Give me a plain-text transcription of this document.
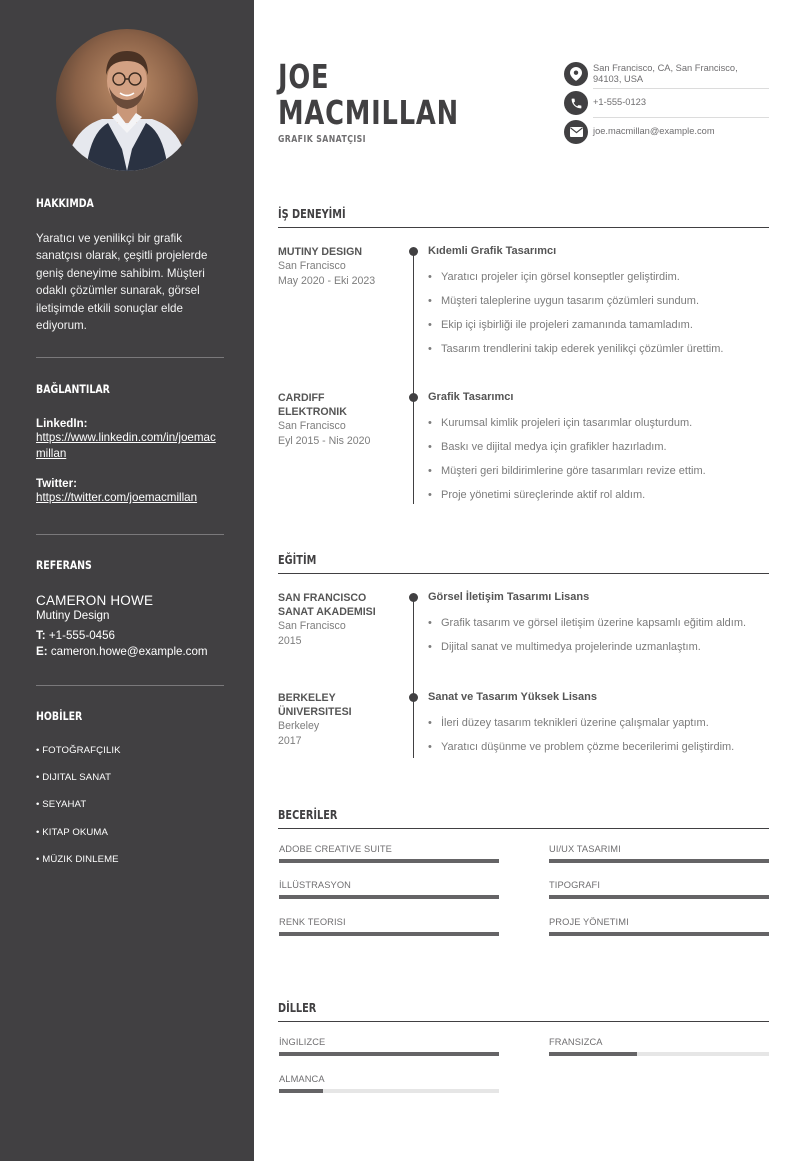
HAKKIMDA
Yaratıcı ve yenilikçi bir grafik sanatçısı olarak, çeşitli projelerde geniş deneyime sahibim. Müşteri odaklı çözümler sunarak, görsel iletişimde etkili sonuçlar elde ediyorum.
BAĞLANTILAR
LinkedIn:
https://www.linkedin.com/in/joemacmillan
Twitter:
https://twitter.com/joemacmillan
REFERANS
CAMERON HOWE
Mutiny Design
T: +1-555-0456
E: cameron.howe@example.com
HOBİLER
• FOTOĞRAFÇILIK
• DIJITAL SANAT
• SEYAHAT
• KITAP OKUMA
• MÜZIK DINLEME
JOE
MACMILLAN
GRAFİK SANATÇISI
San Francisco, CA, San Francisco,
94103, USA
+1-555-0123
joe.macmillan@example.com
İŞ DENEYİMİ
MUTINY DESIGN
San Francisco
May 2020 - Eki 2023
Kıdemli Grafik Tasarımcı
• Yaratıcı projeler için görsel konseptler geliştirdim.
• Müşteri taleplerine uygun tasarım çözümleri sundum.
• Ekip içi işbirliği ile projeleri zamanında tamamladım.
• Tasarım trendlerini takip ederek yenilikçi çözümler ürettim.
CARDIFF
ELEKTRONIK
San Francisco
Eyl 2015 - Nis 2020
Grafik Tasarımcı
• Kurumsal kimlik projeleri için tasarımlar oluşturdum.
• Baskı ve dijital medya için grafikler hazırladım.
• Müşteri geri bildirimlerine göre tasarımları revize ettim.
• Proje yönetimi süreçlerinde aktif rol aldım.
EĞİTİM
SAN FRANCISCO
SANAT AKADEMISI
San Francisco
2015
Görsel İletişim Tasarımı Lisans
• Grafik tasarım ve görsel iletişim üzerine kapsamlı eğitim aldım.
• Dijital sanat ve multimedya projelerinde uzmanlaştım.
BERKELEY
ÜNIVERSITESI
Berkeley
2017
Sanat ve Tasarım Yüksek Lisans
• İleri düzey tasarım teknikleri üzerine çalışmalar yaptım.
• Yaratıcı düşünme ve problem çözme becerilerimi geliştirdim.
BECERİLER
ADOBE CREATIVE SUITE	UI/UX TASARIMI
İLLÜSTRASYON	TIPOGRAFI
RENK TEORISI	PROJE YÖNETIMI
DİLLER
İNGILIZCE	FRANSIZCA
ALMANCA
